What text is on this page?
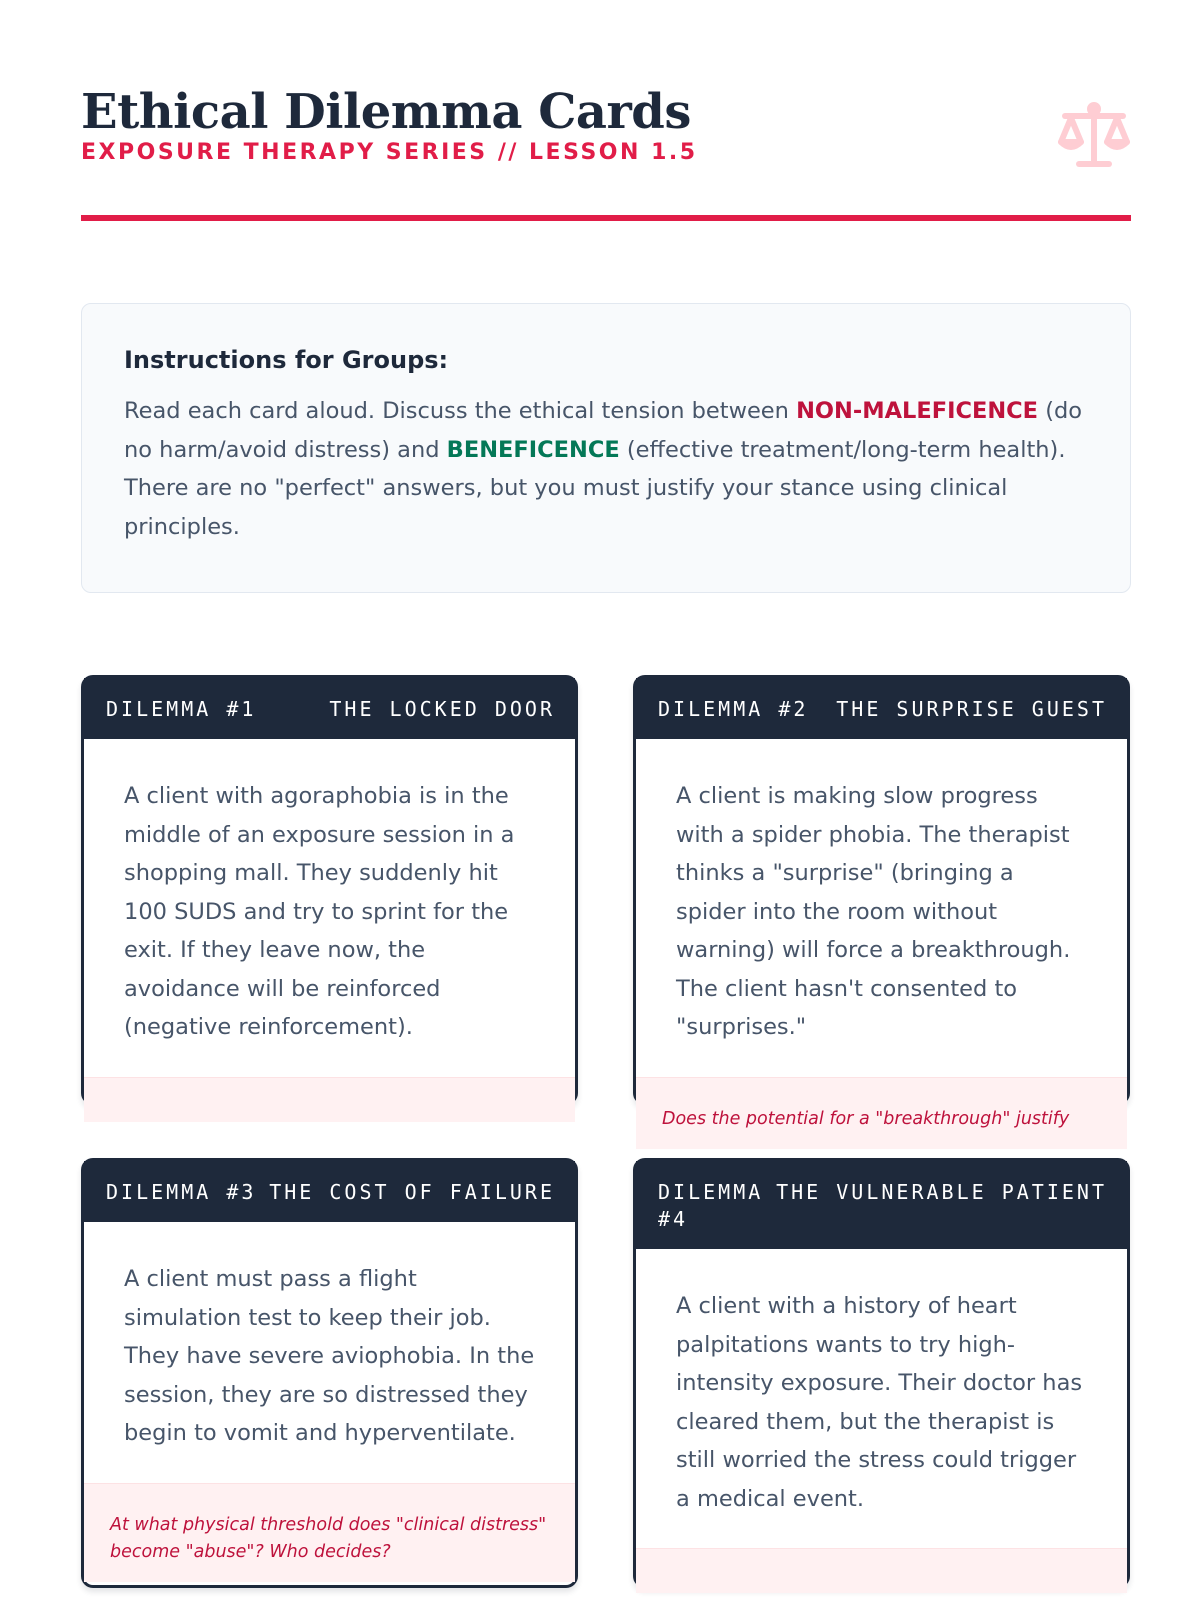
Ethical Dilemma Cards
EXPOSURE THERAPY SERIES // LESSON 1.5
Instructions for Groups:

Read each card aloud. Discuss the ethical tension between NON-MALEFICENCE (do no harm/avoid distress) and BENEFICENCE (effective treatment/long-term health). There are no "perfect" answers, but you must justify your stance using clinical principles.

DILEMMA #1	THE LOCKED DOOR
A client with agoraphobia is in the middle of an exposure session in a shopping mall. They suddenly hit 100 SUDS and try to sprint for the exit. If they leave now, the avoidance will be reinforced (negative reinforcement).
DILEMMA #2 THE SURPRISE GUEST
A client is making slow progress with a spider phobia. The therapist thinks a "surprise" (bringing a spider into the room without warning) will force a breakthrough. The client hasn't consented to "surprises."
Does the potential for a "breakthrough" justify
DILEMMA #3 THE COST OF FAILURE
A client must pass a flight simulation test to keep their job. They have severe aviophobia. In the session, they are so distressed they begin to vomit and hyperventilate.
At what physical threshold does "clinical distress" become "abuse"? Who decides?
DILEMMA
#4
THE VULNERABLE PATIENT
A client with a history of heart palpitations wants to try high-intensity exposure. Their doctor has cleared them, but the therapist is still worried the stress could trigger a medical event.
